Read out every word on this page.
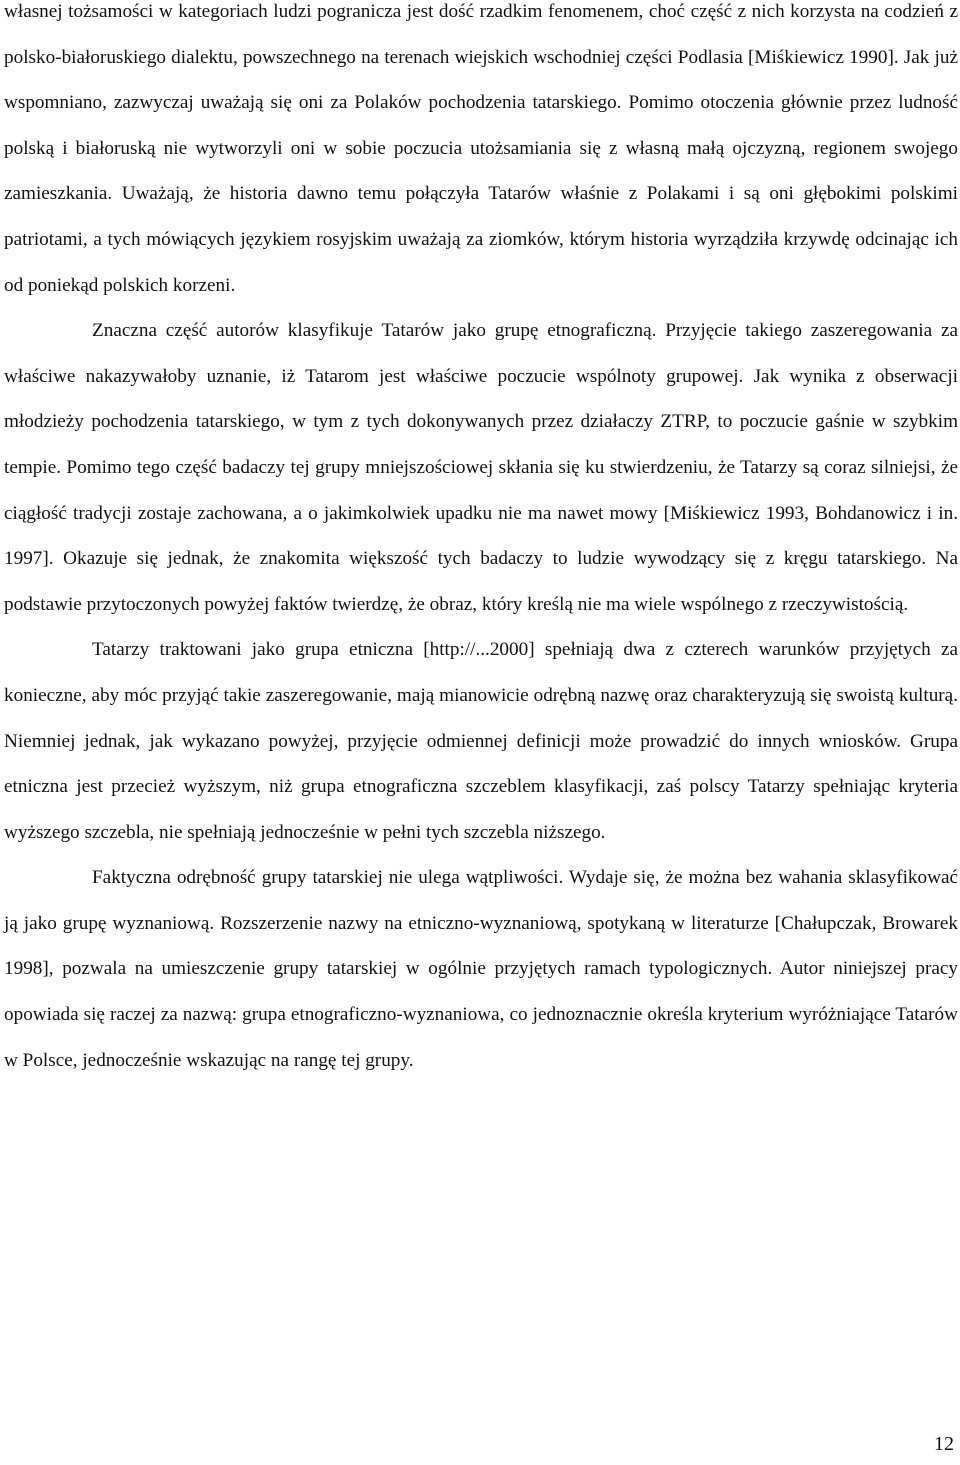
własnej tożsamości w kategoriach ludzi pogranicza jest dość rzadkim fenomenem, choć część z nich korzysta na codzień z polsko-białoruskiego dialektu, powszechnego na terenach wiejskich wschodniej części Podlasia [Miśkiewicz 1990]. Jak już wspomniano, zazwyczaj uważają się oni za Polaków pochodzenia tatarskiego. Pomimo otoczenia głównie przez ludność polską i białoruską nie wytworzyli oni w sobie poczucia utożsamiania się z własną małą ojczyzną, regionem swojego zamieszkania. Uważają, że historia dawno temu połączyła Tatarów właśnie z Polakami i są oni głębokimi polskimi patriotami, a tych mówiących językiem rosyjskim uważają za ziomków, którym historia wyrządziła krzywdę odcinając ich od poniekąd polskich korzeni.

Znaczna część autorów klasyfikuje Tatarów jako grupę etnograficzną. Przyjęcie takiego zaszeregowania za właściwe nakazywałoby uznanie, iż Tatarom jest właściwe poczucie wspólnoty grupowej. Jak wynika z obserwacji młodzieży pochodzenia tatarskiego, w tym z tych dokonywanych przez działaczy ZTRP, to poczucie gaśnie w szybkim tempie. Pomimo tego część badaczy tej grupy mniejszościowej skłania się ku stwierdzeniu, że Tatarzy są coraz silniejsi, że ciągłość tradycji zostaje zachowana, a o jakimkolwiek upadku nie ma nawet mowy [Miśkiewicz 1993, Bohdanowicz i in. 1997]. Okazuje się jednak, że znakomita większość tych badaczy to ludzie wywodzący się z kręgu tatarskiego. Na podstawie przytoczonych powyżej faktów twierdzę, że obraz, który kreślą nie ma wiele wspólnego z rzeczywistością.

Tatarzy traktowani jako grupa etniczna [http://...2000] spełniają dwa z czterech warunków przyjętych za konieczne, aby móc przyjąć takie zaszeregowanie, mają mianowicie odrębną nazwę oraz charakteryzują się swoistą kulturą. Niemniej jednak, jak wykazano powyżej, przyjęcie odmiennej definicji może prowadzić do innych wniosków. Grupa etniczna jest przecież wyższym, niż grupa etnograficzna szczeblem klasyfikacji, zaś polscy Tatarzy spełniając kryteria wyższego szczebla, nie spełniają jednocześnie w pełni tych szczebla niższego.

Faktyczna odrębność grupy tatarskiej nie ulega wątpliwości. Wydaje się, że można bez wahania sklasyfikować ją jako grupę wyznaniową. Rozszerzenie nazwy na etniczno-wyznaniową, spotykaną w literaturze [Chałupczak, Browarek 1998], pozwala na umieszczenie grupy tatarskiej w ogólnie przyjętych ramach typologicznych. Autor niniejszej pracy opowiada się raczej za nazwą: grupa etnograficzno-wyznaniowa, co jednoznacznie określa kryterium wyróżniające Tatarów w Polsce, jednocześnie wskazując na rangę tej grupy.

12
